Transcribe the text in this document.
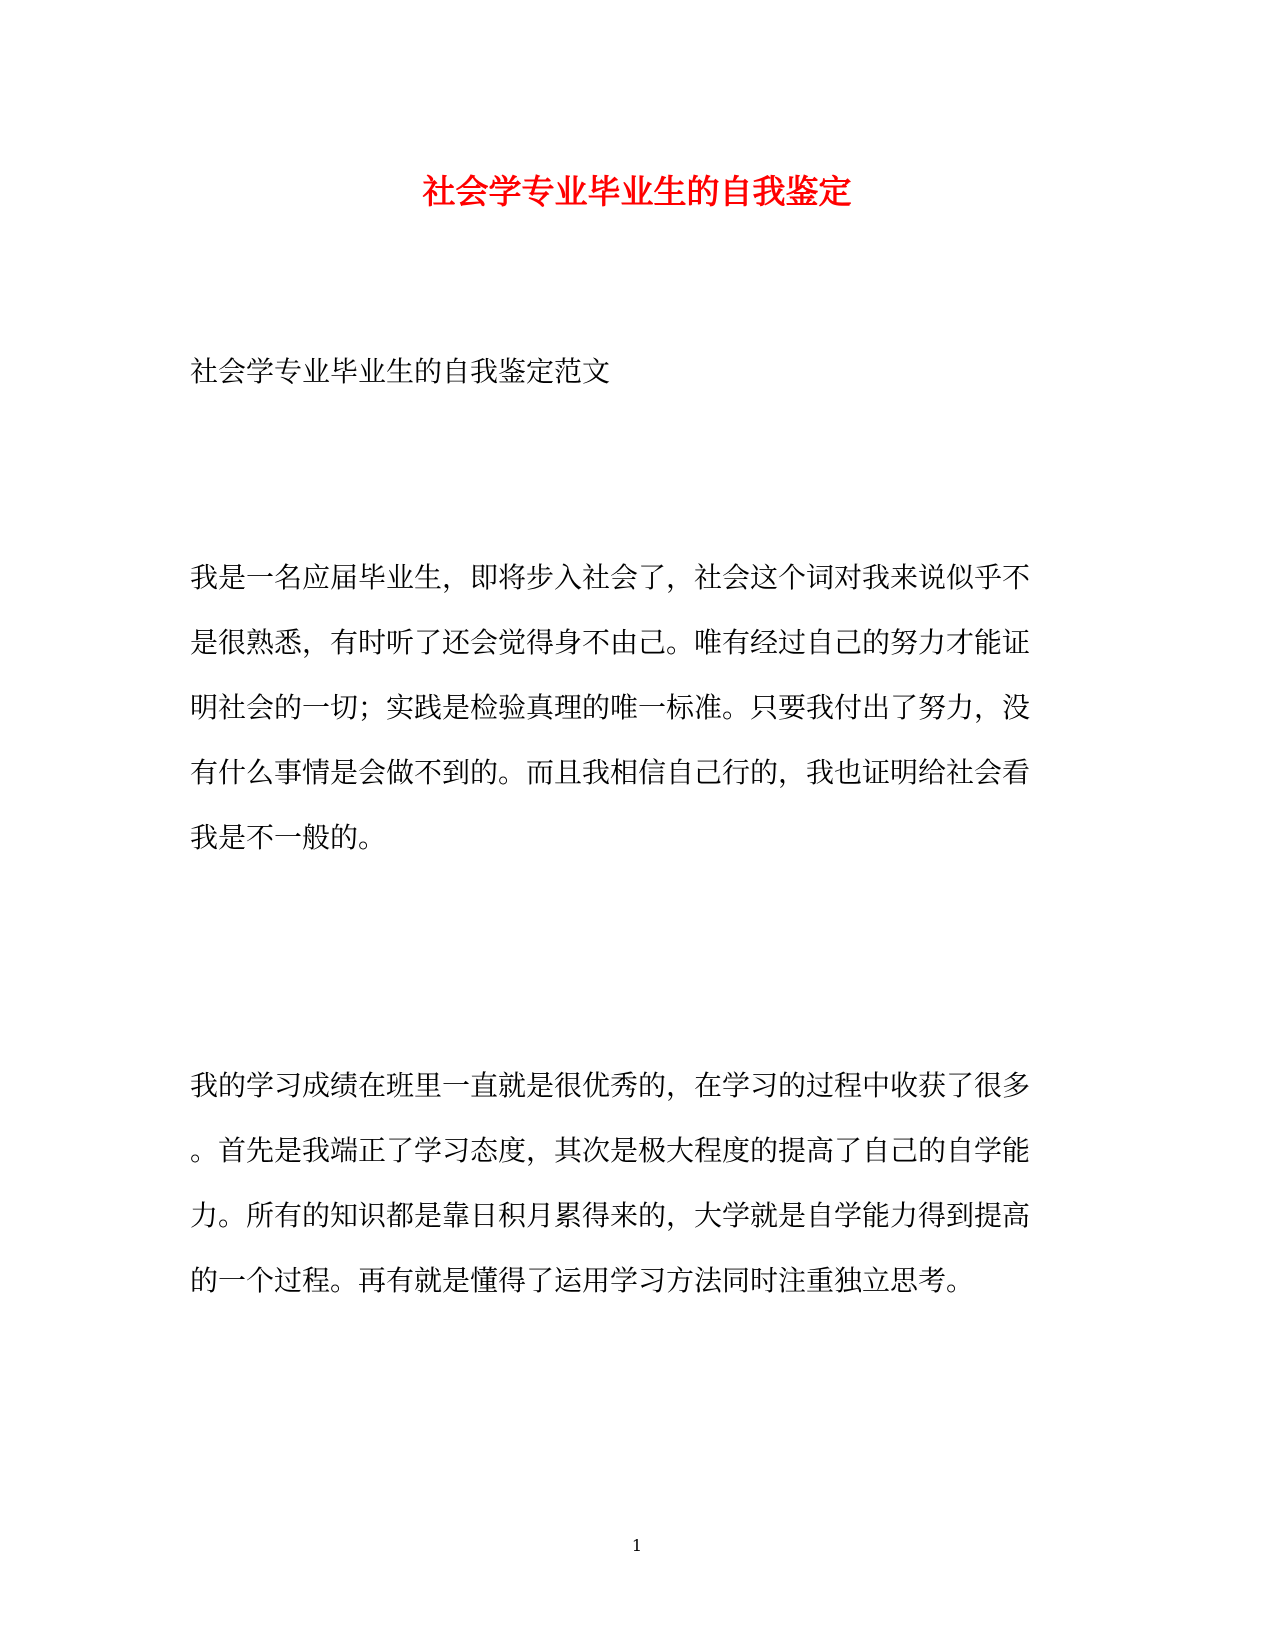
社会学专业毕业生的自我鉴定
社会学专业毕业生的自我鉴定范文
我是一名应届毕业生，即将步入社会了，社会这个词对我来说似乎不
是很熟悉，有时听了还会觉得身不由己。唯有经过自己的努力才能证
明社会的一切；实践是检验真理的唯一标准。只要我付出了努力，没
有什么事情是会做不到的。而且我相信自己行的，我也证明给社会看
我是不一般的。
我的学习成绩在班里一直就是很优秀的，在学习的过程中收获了很多
。首先是我端正了学习态度，其次是极大程度的提高了自己的自学能
力。所有的知识都是靠日积月累得来的，大学就是自学能力得到提高
的一个过程。再有就是懂得了运用学习方法同时注重独立思考。
1
